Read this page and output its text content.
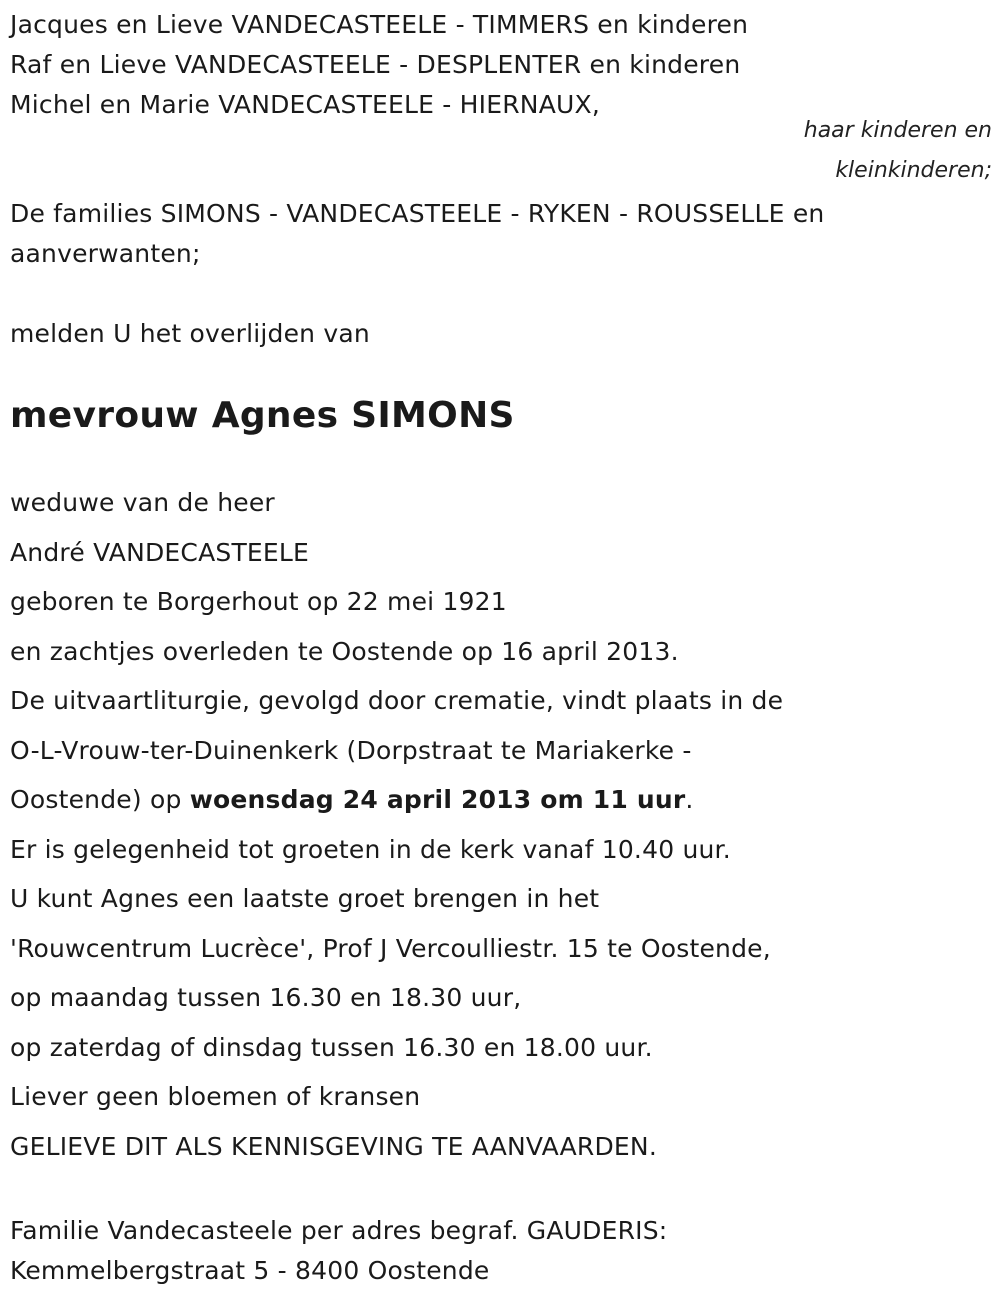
Jacques en Lieve VANDECASTEELE - TIMMERS en kinderen
Raf en Lieve VANDECASTEELE - DESPLENTER en kinderen
Michel en Marie VANDECASTEELE - HIERNAUX,
haar kinderen en
kleinkinderen;
De families SIMONS - VANDECASTEELE - RYKEN - ROUSSELLE en aanverwanten;
melden U het overlijden van
mevrouw Agnes SIMONS
weduwe van de heer
André VANDECASTEELE
geboren te Borgerhout op 22 mei 1921
en zachtjes overleden te Oostende op 16 april 2013.
De uitvaartliturgie, gevolgd door crematie, vindt plaats in de
O-L-Vrouw-ter-Duinenkerk (Dorpstraat te Mariakerke -
Oostende) op woensdag 24 april 2013 om 11 uur.
Er is gelegenheid tot groeten in de kerk vanaf 10.40 uur.
U kunt Agnes een laatste groet brengen in het
'Rouwcentrum Lucrèce', Prof J Vercoulliestr. 15 te Oostende,
op maandag tussen 16.30 en 18.30 uur,
op zaterdag of dinsdag tussen 16.30 en 18.00 uur.
Liever geen bloemen of kransen
GELIEVE DIT ALS KENNISGEVING TE AANVAARDEN.
Familie Vandecasteele per adres begraf. GAUDERIS:
Kemmelbergstraat 5 - 8400 Oostende
